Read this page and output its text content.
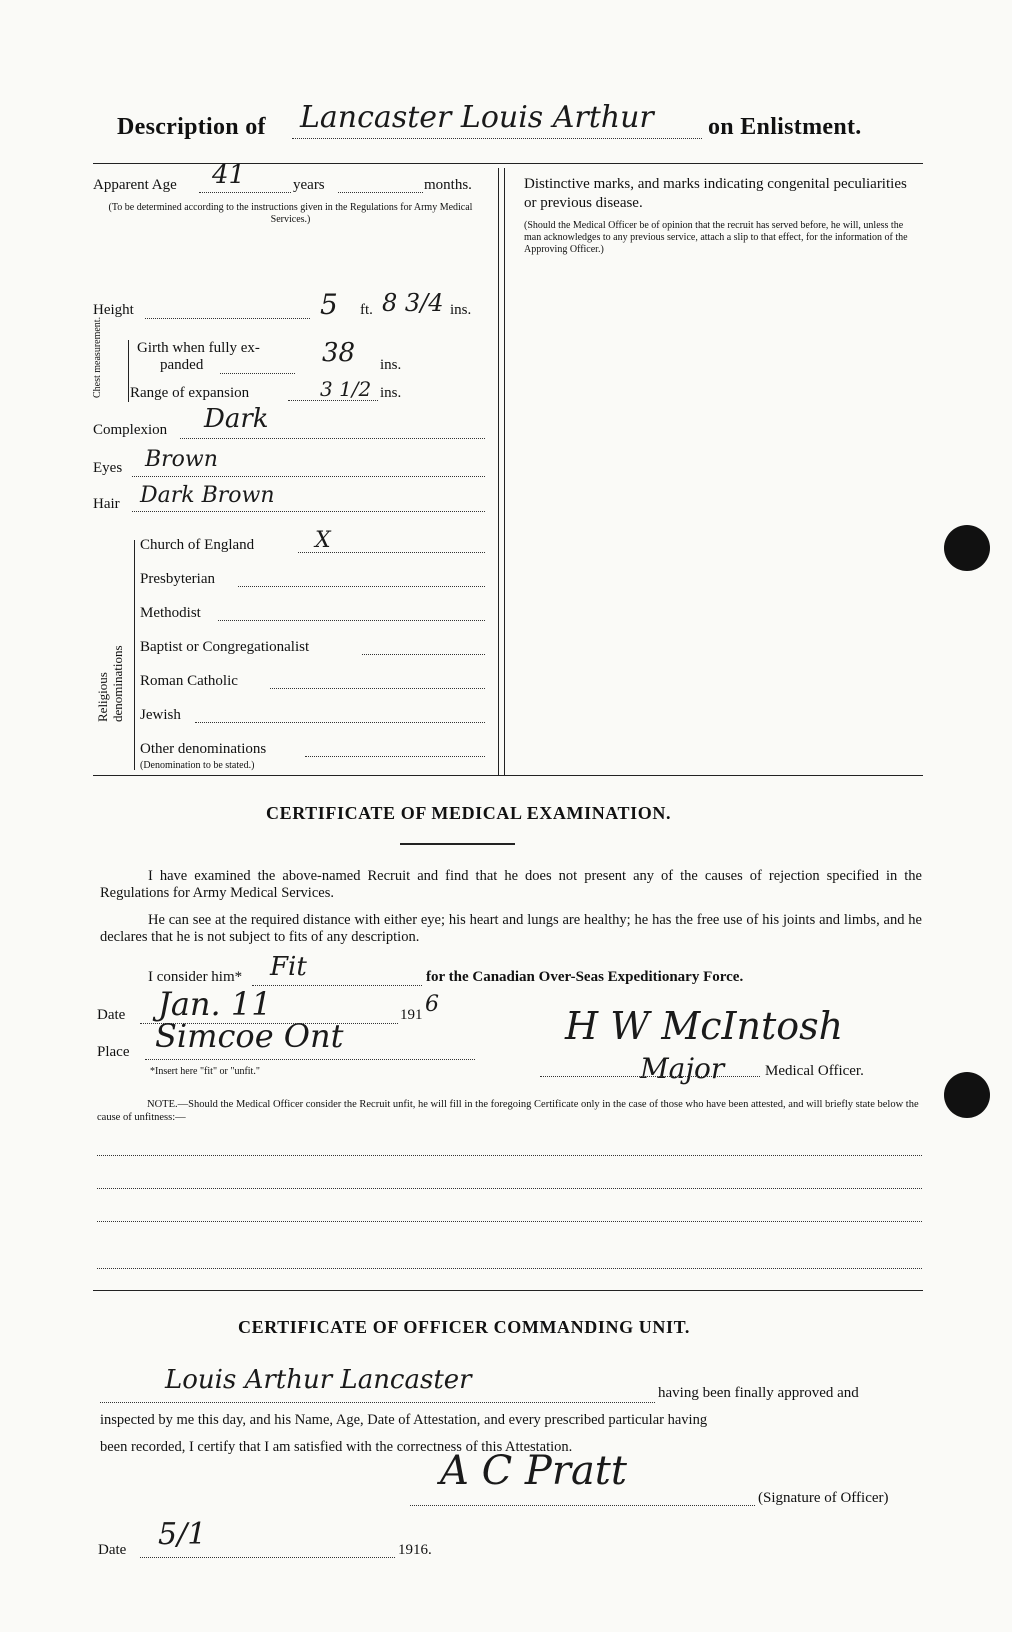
Description of Lancaster Louis Arthur on Enlistment.
Apparent Age 41	years	months.
(To be determined according to the instructions given in the Regulations for Army Medical Services.)
Height	5 ft. 8 3/4 ins.
Chest measurement. Girth when fully ex-
panded	38 ins.
Range of expansion	3 1/2 ins.
Complexion Dark
Eyes Brown
Hair Dark Brown
Religious denominations
Church of England	X
Presbyterian
Methodist
Baptist or Congregationalist
Roman Catholic
Jewish
Other denominations
(Denomination to be stated.)
Distinctive marks, and marks indicating congenital peculiarities or previous disease.
(Should the Medical Officer be of opinion that the recruit has served before, he will, unless the man acknowledges to any previous service, attach a slip to that effect, for the information of the Approving Officer.)
CERTIFICATE OF MEDICAL EXAMINATION.
I have examined the above-named Recruit and find that he does not present any of the causes of rejection specified in the Regulations for Army Medical Services.
He can see at the required distance with either eye; his heart and lungs are healthy; he has the free use of his joints and limbs, and he declares that he is not subject to fits of any description.
I consider him* Fit	for the Canadian Over-Seas Expeditionary Force.
Date Jan. 11	191 6
Place Simcoe Ont
*Insert here "fit" or "unfit."
H W McIntosh
Major	Medical Officer.
NOTE.—Should the Medical Officer consider the Recruit unfit, he will fill in the foregoing Certificate only in the case of those who have been attested, and will briefly state below the cause of unfitness:—
CERTIFICATE OF OFFICER COMMANDING UNIT.
Louis Arthur Lancaster	having been finally approved and
inspected by me this day, and his Name, Age, Date of Attestation, and every prescribed particular having
been recorded, I certify that I am satisfied with the correctness of this Attestation.
A C Pratt
(Signature of Officer)
Date 5/1	1916.
